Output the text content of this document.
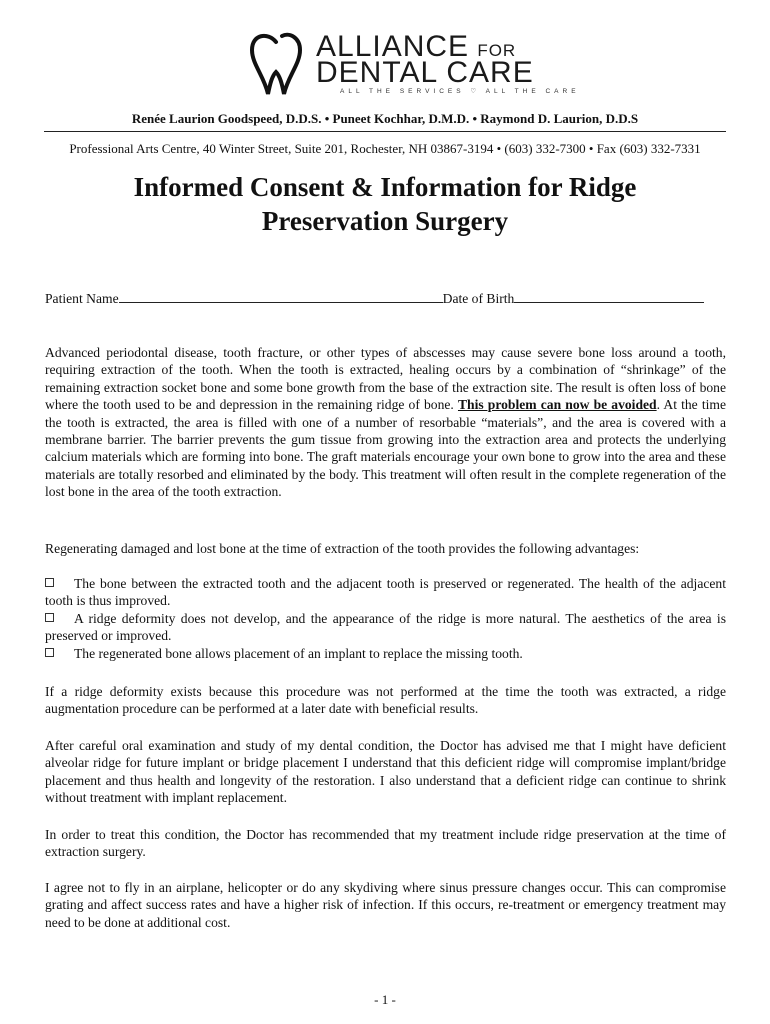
ALLIANCE FOR
DENTAL CARE
ALL THE SERVICES ♡ ALL THE CARE
Renée Laurion Goodspeed, D.D.S. • Puneet Kochhar, D.M.D. • Raymond D. Laurion, D.D.S
Professional Arts Centre, 40 Winter Street, Suite 201, Rochester, NH 03867-3194 • (603) 332-7300 • Fax (603) 332-7331
Informed Consent & Information for Ridge
Preservation Surgery
Patient Name	Date of Birth
Advanced periodontal disease, tooth fracture, or other types of abscesses may cause severe bone loss around a tooth, requiring extraction of the tooth. When the tooth is extracted, healing occurs by a combination of “shrinkage” of the remaining extraction socket bone and some bone growth from the base of the extraction site. The result is often loss of bone where the tooth used to be and depression in the remaining ridge of bone. This problem can now be avoided. At the time the tooth is extracted, the area is filled with one of a number of resorbable “materials”, and the area is covered with a membrane barrier. The barrier prevents the gum tissue from growing into the extraction area and protects the underlying calcium materials which are forming into bone. The graft materials encourage your own bone to grow into the area and these materials are totally resorbed and eliminated by the body. This treatment will often result in the complete regeneration of the lost bone in the area of the tooth extraction.
Regenerating damaged and lost bone at the time of extraction of the tooth provides the following advantages:
The bone between the extracted tooth and the adjacent tooth is preserved or regenerated. The health of the adjacent tooth is thus improved.
A ridge deformity does not develop, and the appearance of the ridge is more natural. The aesthetics of the area is preserved or improved.
The regenerated bone allows placement of an implant to replace the missing tooth.
If a ridge deformity exists because this procedure was not performed at the time the tooth was extracted, a ridge augmentation procedure can be performed at a later date with beneficial results.
After careful oral examination and study of my dental condition, the Doctor has advised me that I might have deficient alveolar ridge for future implant or bridge placement I understand that this deficient ridge will compromise implant/bridge placement and thus health and longevity of the restoration. I also understand that a deficient ridge can continue to shrink without treatment with implant replacement.
In order to treat this condition, the Doctor has recommended that my treatment include ridge preservation at the time of extraction surgery.
I agree not to fly in an airplane, helicopter or do any skydiving where sinus pressure changes occur. This can compromise grating and affect success rates and have a higher risk of infection. If this occurs, re-treatment or emergency treatment may need to be done at additional cost.
- 1 -
